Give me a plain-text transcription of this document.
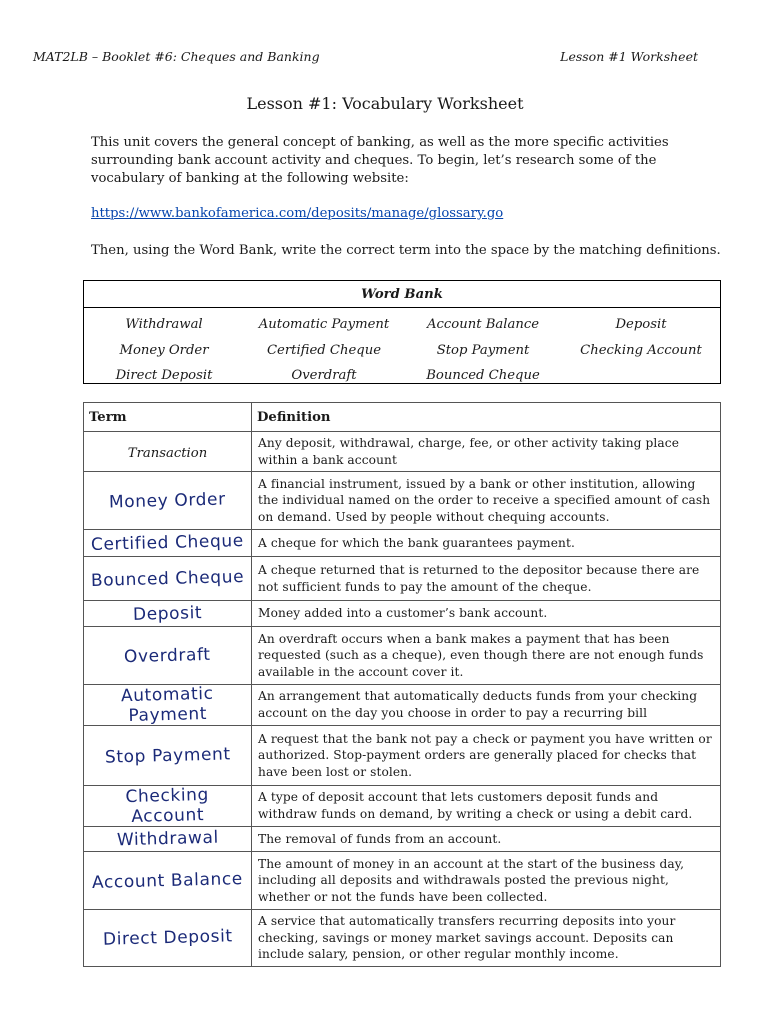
MAT2LB – Booklet #6: Cheques and Banking	Lesson #1 Worksheet
Lesson #1: Vocabulary Worksheet

This unit covers the general concept of banking, as well as the more specific activities surrounding bank account activity and cheques. To begin, let’s research some of the vocabulary of banking at the following website:

https://www.bankofamerica.com/deposits/manage/glossary.go

Then, using the Word Bank, write the correct term into the space by the matching definitions.

Word Bank
Withdrawal	Automatic Payment	Account Balance	Deposit
Money Order	Certified Cheque	Stop Payment	Checking Account
Direct Deposit	Overdraft	Bounced Cheque
Term	Definition
Transaction	Any deposit, withdrawal, charge, fee, or other activity taking place within a bank account
Money Order	A financial instrument, issued by a bank or other institution, allowing the individual named on the order to receive a specified amount of cash on demand. Used by people without chequing accounts.
Certified Cheque	A cheque for which the bank guarantees payment.
Bounced Cheque	A cheque returned that is returned to the depositor because there are not sufficient funds to pay the amount of the cheque.
Deposit	Money added into a customer’s bank account.
Overdraft	An overdraft occurs when a bank makes a payment that has been requested (such as a cheque), even though there are not enough funds available in the account cover it.
Automatic Payment	An arrangement that automatically deducts funds from your checking account on the day you choose in order to pay a recurring bill
Stop Payment	A request that the bank not pay a check or payment you have written or authorized. Stop-payment orders are generally placed for checks that have been lost or stolen.
Checking Account	A type of deposit account that lets customers deposit funds and withdraw funds on demand, by writing a check or using a debit card.
Withdrawal	The removal of funds from an account.
Account Balance	The amount of money in an account at the start of the business day, including all deposits and withdrawals posted the previous night, whether or not the funds have been collected.
Direct Deposit	A service that automatically transfers recurring deposits into your checking, savings or money market savings account. Deposits can include salary, pension, or other regular monthly income.
